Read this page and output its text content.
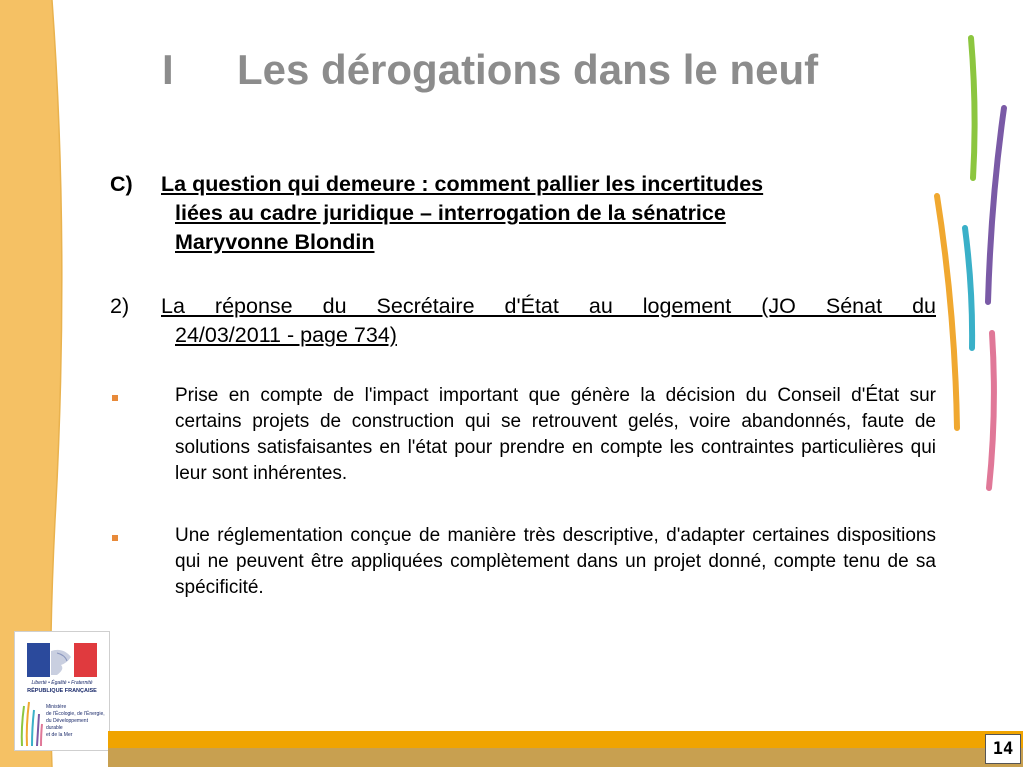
I Les dérogations dans le neuf
C) La question qui demeure : comment pallier les incertitudes
liées au cadre juridique – interrogation de la sénatrice
Maryvonne Blondin
2) La réponse du Secrétaire d'État au logement (JO Sénat du
24/03/2011 - page 734)
Prise en compte de l'impact important que génère la décision du Conseil d'État sur certains projets de construction qui se retrouvent gelés, voire abandonnés, faute de solutions satisfaisantes en l'état pour prendre en compte les contraintes particulières qui leur sont inhérentes.
Une réglementation conçue de manière très descriptive, d'adapter certaines dispositions qui ne peuvent être appliquées complètement dans un projet donné, compte tenu de sa spécificité.
Liberté • Égalité • Fraternité
RÉPUBLIQUE FRANÇAISE
Ministère
de l'Écologie, de l'Énergie,
du Développement
durable
et de la Mer
14
